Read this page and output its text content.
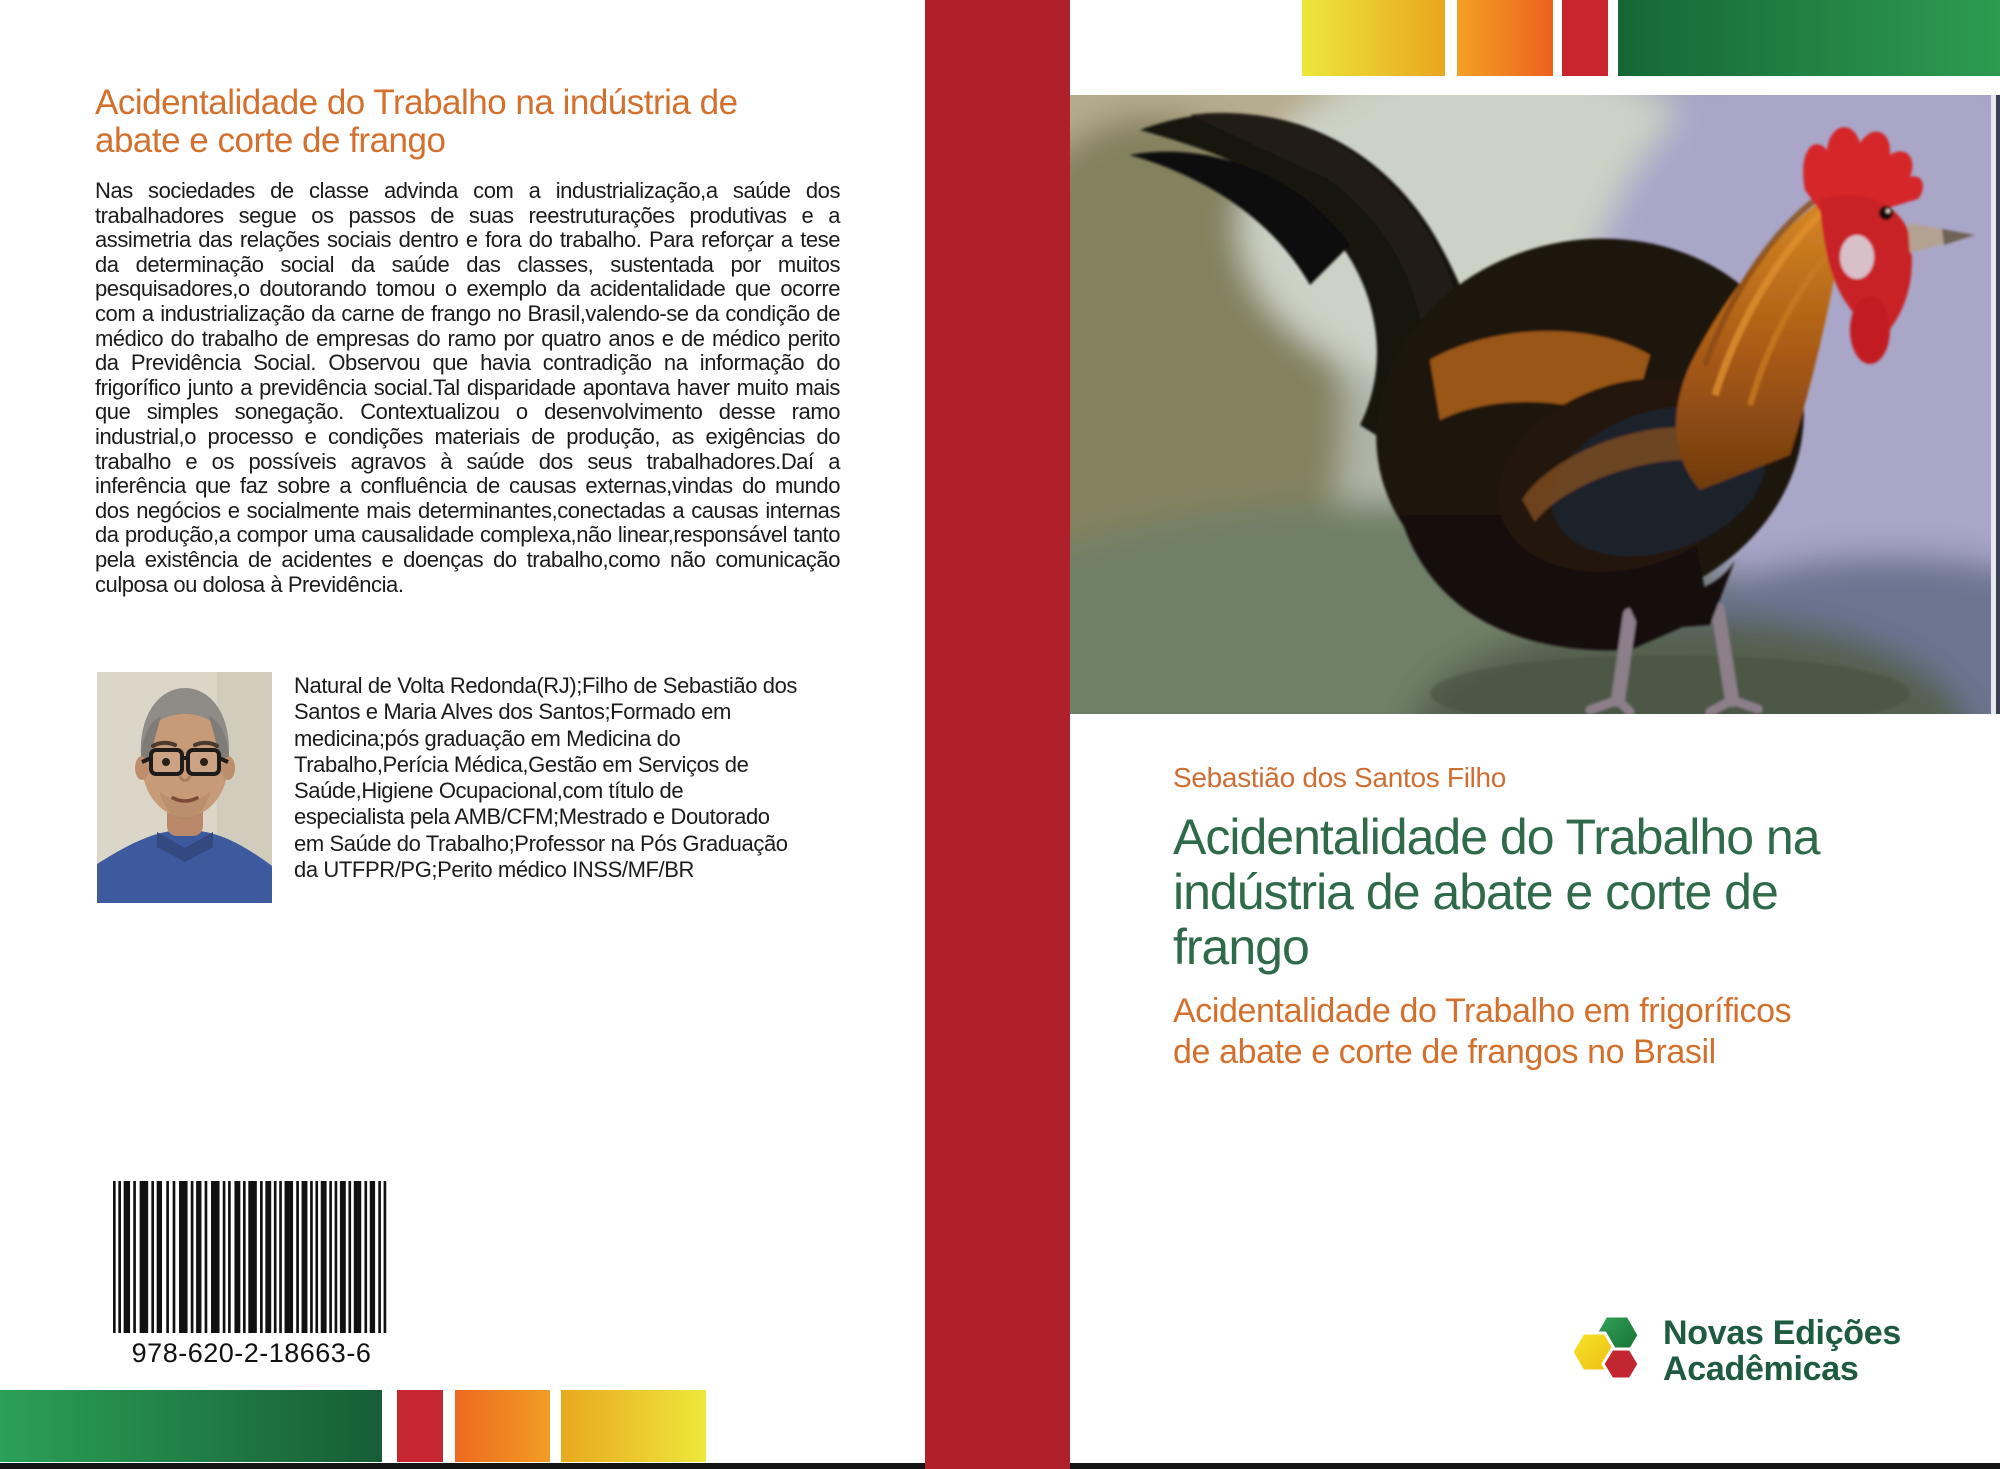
Acidentalidade do Trabalho na indústria de
abate e corte de frango
Nas sociedades de classe advinda com a industrialização,a saúde dos trabalhadores segue os passos de suas reestruturações produtivas e a assimetria das relações sociais dentro e fora do trabalho. Para reforçar a tese da determinação social da saúde das classes, sustentada por muitos pesquisadores,o doutorando tomou o exemplo da acidentalidade que ocorre com a industrialização da carne de frango no Brasil,valendo-se da condição de médico do trabalho de empresas do ramo por quatro anos e de médico perito da Previdência Social. Observou que havia contradição na informação do frigorífico junto a previdência social.Tal disparidade apontava haver muito mais que simples sonegação. Contextualizou o desenvolvimento desse ramo industrial,o processo e condições materiais de produção, as exigências do trabalho e os possíveis agravos à saúde dos seus trabalhadores.Daí a inferência que faz sobre a confluência de causas externas,vindas do mundo dos negócios e socialmente mais determinantes,conectadas a causas internas da produção,a compor uma causalidade complexa,não linear,responsável tanto pela existência de acidentes e doenças do trabalho,como não comunicação culposa ou dolosa à Previdência.
Natural de Volta Redonda(RJ);Filho de Sebastião dos
Santos e Maria Alves dos Santos;Formado em
medicina;pós graduação em Medicina do
Trabalho,Perícia Médica,Gestão em Serviços de
Saúde,Higiene Ocupacional,com título de
especialista pela AMB/CFM;Mestrado e Doutorado
em Saúde do Trabalho;Professor na Pós Graduação
da UTFPR/PG;Perito médico INSS/MF/BR
978-620-2-18663-6
Sebastião dos Santos Filho
Acidentalidade do Trabalho na
indústria de abate e corte de
frango
Acidentalidade do Trabalho em frigoríficos
de abate e corte de frangos no Brasil
Novas Edições
Acadêmicas
